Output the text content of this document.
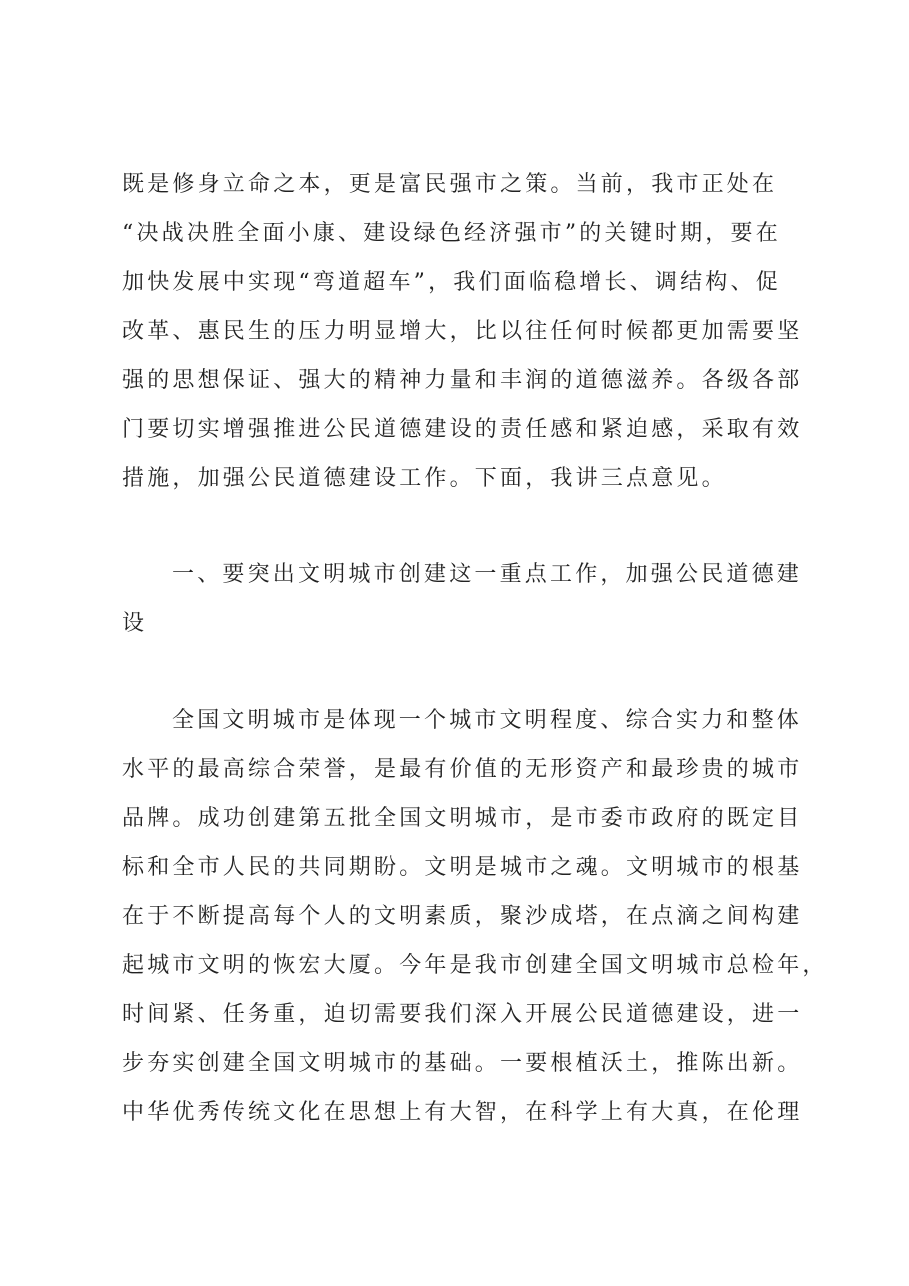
既是修身立命之本，更是富民强市之策。当前，我市正处在
“决战决胜全面小康、建设绿色经济强市”的关键时期，要在
加快发展中实现“弯道超车”，我们面临稳增长、调结构、促
改革、惠民生的压力明显增大，比以往任何时候都更加需要坚
强的思想保证、强大的精神力量和丰润的道德滋养。各级各部
门要切实增强推进公民道德建设的责任感和紧迫感，采取有效
措施，加强公民道德建设工作。下面，我讲三点意见。
一、要突出文明城市创建这一重点工作，加强公民道德建
设
全国文明城市是体现一个城市文明程度、综合实力和整体
水平的最高综合荣誉，是最有价值的无形资产和最珍贵的城市
品牌。成功创建第五批全国文明城市，是市委市政府的既定目
标和全市人民的共同期盼。文明是城市之魂。文明城市的根基
在于不断提高每个人的文明素质，聚沙成塔，在点滴之间构建
起城市文明的恢宏大厦。今年是我市创建全国文明城市总检年，
时间紧、任务重，迫切需要我们深入开展公民道德建设，进一
步夯实创建全国文明城市的基础。一要根植沃土，推陈出新。
中华优秀传统文化在思想上有大智，在科学上有大真，在伦理
